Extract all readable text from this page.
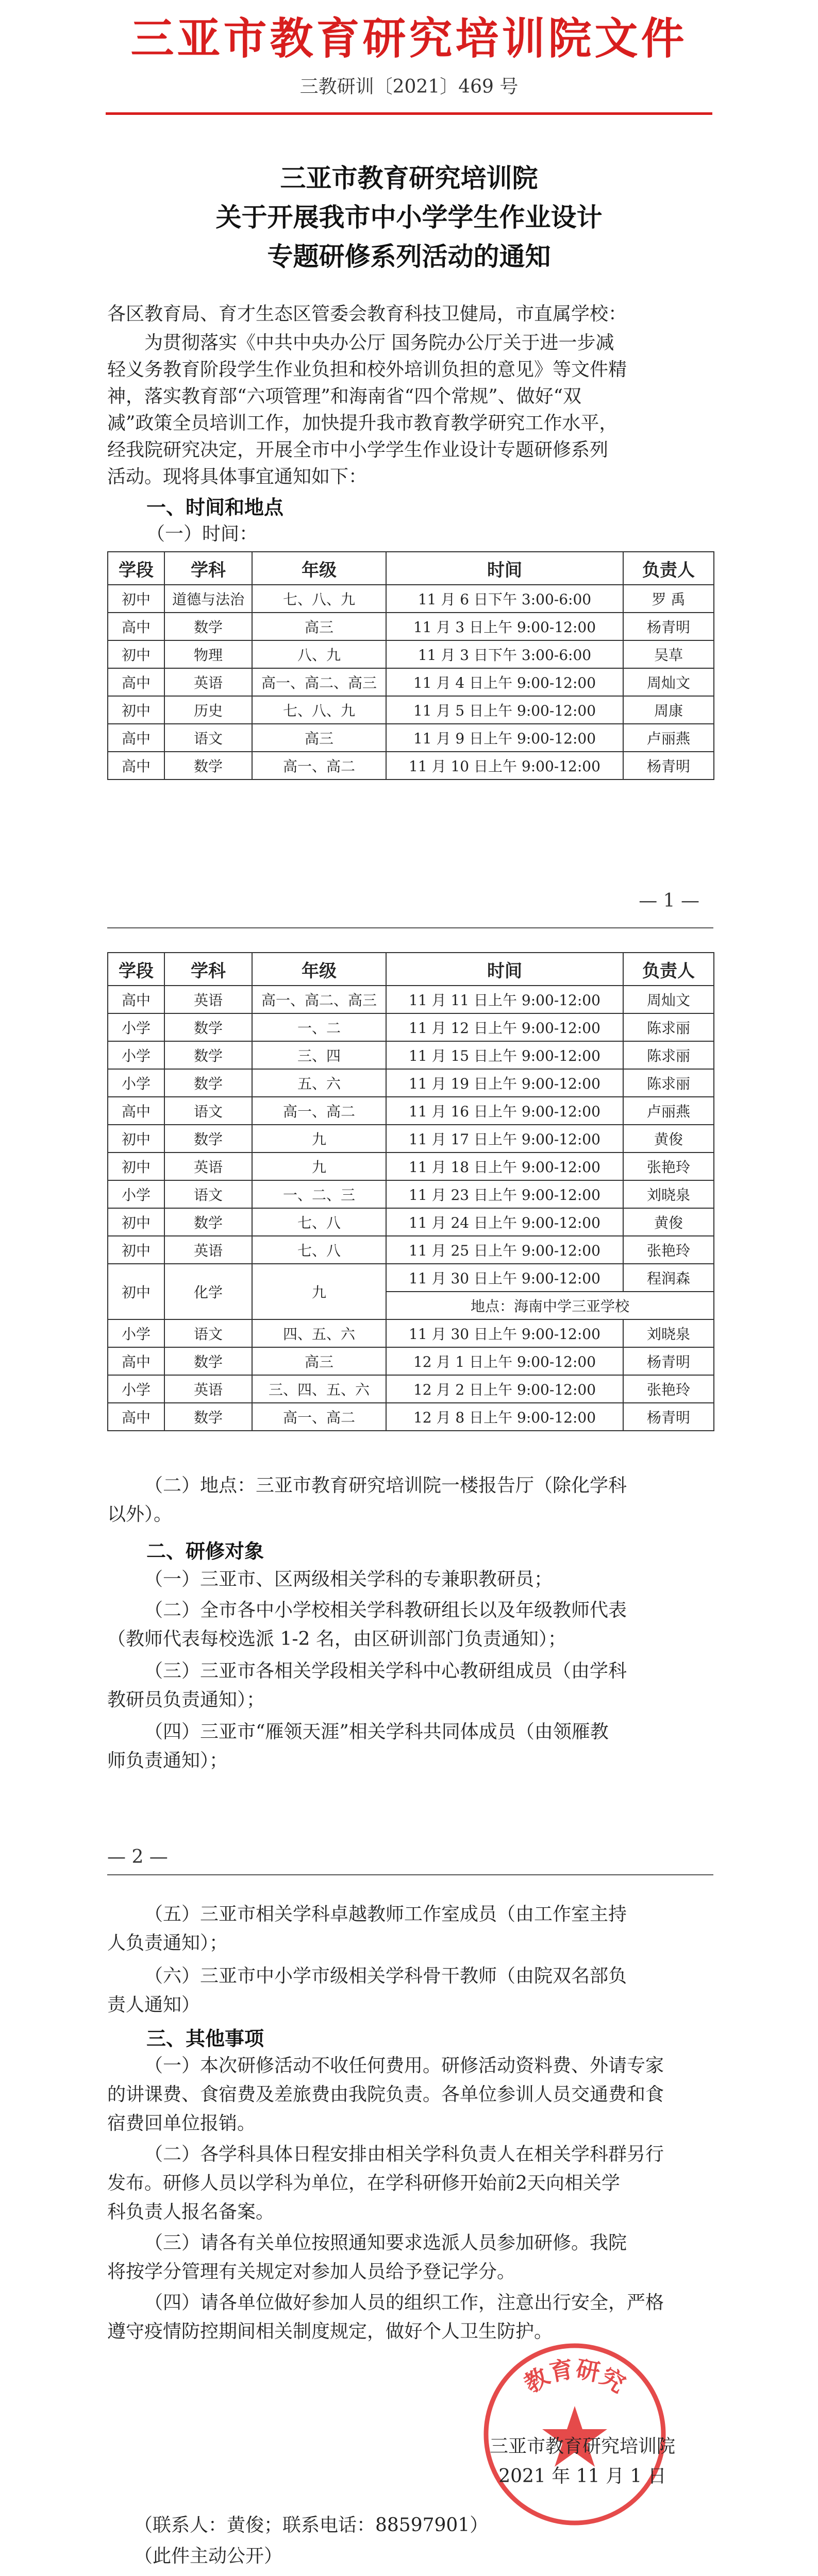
三亚市教育研究培训院文件
三教研训〔2021〕469 号
三亚市教育研究培训院
关于开展我市中小学学生作业设计
专题研修系列活动的通知
各区教育局、育才生态区管委会教育科技卫健局，市直属学校：
为贯彻落实《中共中央办公厅 国务院办公厅关于进一步减
轻义务教育阶段学生作业负担和校外培训负担的意见》等文件精
神，落实教育部“六项管理”和海南省“四个常规”、做好“双
减”政策全员培训工作，加快提升我市教育教学研究工作水平，
经我院研究决定，开展全市中小学学生作业设计专题研修系列
活动。现将具体事宜通知如下：
一、时间和地点
（一）时间：
学段	学科	年级	时间	负责人
初中	道德与法治	七、八、九	11 月 6 日下午 3:00-6:00	罗 禹
高中	数学	高三	11 月 3 日上午 9:00-12:00	杨青明
初中	物理	八、九	11 月 3 日下午 3:00-6:00	吴草
高中	英语	高一、高二、高三	11 月 4 日上午 9:00-12:00	周灿文
初中	历史	七、八、九	11 月 5 日上午 9:00-12:00	周康
高中	语文	高三	11 月 9 日上午 9:00-12:00	卢丽燕
高中	数学	高一、高二	11 月 10 日上午 9:00-12:00	杨青明
— 1 —
学段	学科	年级	时间	负责人
高中	英语	高一、高二、高三	11 月 11 日上午 9:00-12:00	周灿文
小学	数学	一、二	11 月 12 日上午 9:00-12:00	陈求丽
小学	数学	三、四	11 月 15 日上午 9:00-12:00	陈求丽
小学	数学	五、六	11 月 19 日上午 9:00-12:00	陈求丽
高中	语文	高一、高二	11 月 16 日上午 9:00-12:00	卢丽燕
初中	数学	九	11 月 17 日上午 9:00-12:00	黄俊
初中	英语	九	11 月 18 日上午 9:00-12:00	张艳玲
小学	语文	一、二、三	11 月 23 日上午 9:00-12:00	刘晓泉
初中	数学	七、八	11 月 24 日上午 9:00-12:00	黄俊
初中	英语	七、八	11 月 25 日上午 9:00-12:00	张艳玲
初中	化学	九	11 月 30 日上午 9:00-12:00	程润森
			地点：海南中学三亚学校	
小学	语文	四、五、六	11 月 30 日上午 9:00-12:00	刘晓泉
高中	数学	高三	12 月 1 日上午 9:00-12:00	杨青明
小学	英语	三、四、五、六	12 月 2 日上午 9:00-12:00	张艳玲
高中	数学	高一、高二	12 月 8 日上午 9:00-12:00	杨青明
（二）地点：三亚市教育研究培训院一楼报告厅（除化学科
以外）。
二、研修对象
（一）三亚市、区两级相关学科的专兼职教研员；
（二）全市各中小学校相关学科教研组长以及年级教师代表
（教师代表每校选派 1-2 名，由区研训部门负责通知）；
（三）三亚市各相关学段相关学科中心教研组成员（由学科
教研员负责通知）；
（四）三亚市“雁领天涯”相关学科共同体成员（由领雁教
师负责通知）；
— 2 —
（五）三亚市相关学科卓越教师工作室成员（由工作室主持
人负责通知）；
（六）三亚市中小学市级相关学科骨干教师（由院双名部负
责人通知）
三、其他事项
（一）本次研修活动不收任何费用。研修活动资料费、外请专家
的讲课费、食宿费及差旅费由我院负责。各单位参训人员交通费和食
宿费回单位报销。
（二）各学科具体日程安排由相关学科负责人在相关学科群另行
发布。研修人员以学科为单位，在学科研修开始前2天向相关学
科负责人报名备案。
（三）请各有关单位按照通知要求选派人员参加研修。我院
将按学分管理有关规定对参加人员给予登记学分。
（四）请各单位做好参加人员的组织工作，注意出行安全，严格
遵守疫情防控期间相关制度规定，做好个人卫生防护。
教育研究
三亚市教育研究培训院
2021 年 11 月 1 日
（联系人：黄俊；联系电话：88597901）
（此件主动公开）
